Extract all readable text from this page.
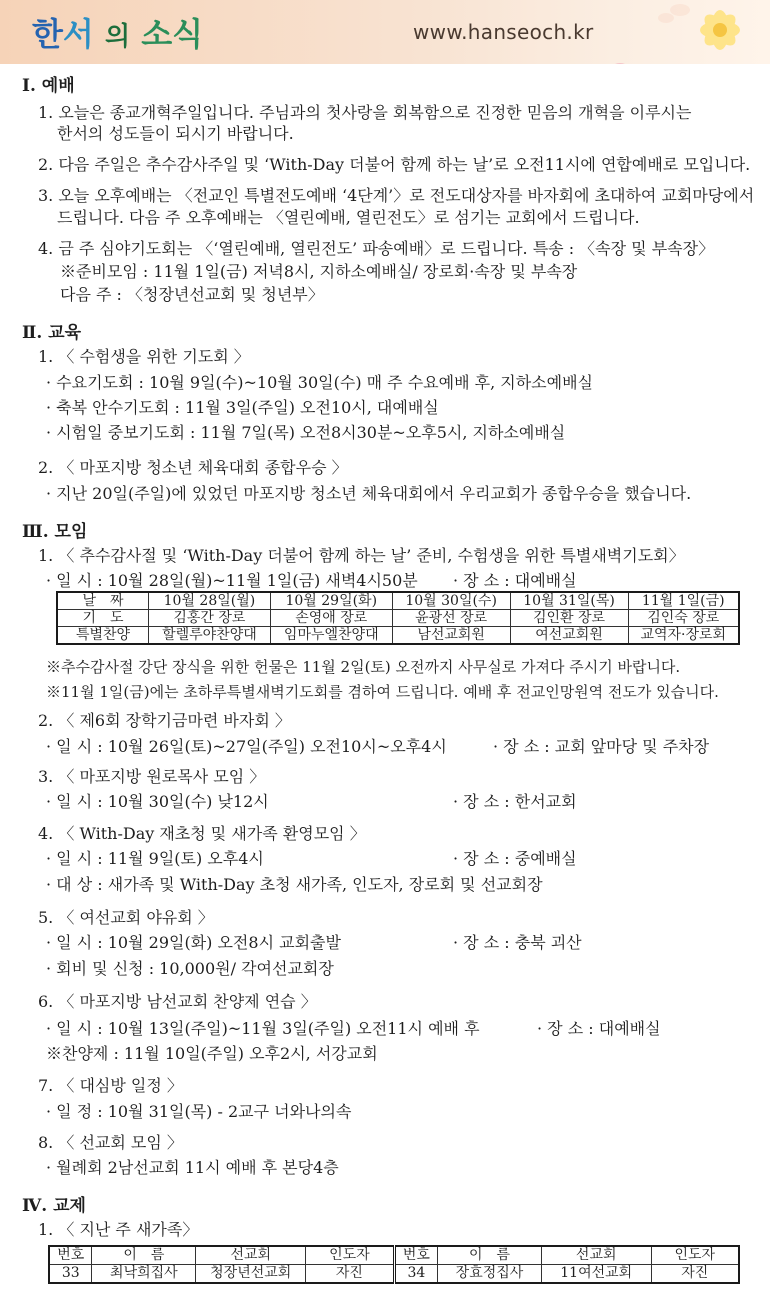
한서 의 소식	www.hanseoch.kr
Ⅰ. 예배
1. 오늘은 종교개혁주일입니다. 주님과의 첫사랑을 회복함으로 진정한 믿음의 개혁을 이루시는
한서의 성도들이 되시기 바랍니다.
2. 다음 주일은 추수감사주일 및 ‘With-Day 더불어 함께 하는 날’로 오전11시에 연합예배로 모입니다.
3. 오늘 오후예배는 〈전교인 특별전도예배 ‘4단계’〉로 전도대상자를 바자회에 초대하여 교회마당에서
드립니다. 다음 주 오후예배는 〈열린예배, 열린전도〉로 섬기는 교회에서 드립니다.
4. 금 주 심야기도회는 〈‘열린예배, 열린전도’ 파송예배〉로 드립니다. 특송 : 〈속장 및 부속장〉
※준비모임 : 11월 1일(금) 저녁8시, 지하소예배실/ 장로회·속장 및 부속장
다음 주 : 〈청장년선교회 및 청년부〉
Ⅱ. 교육
1. 〈 수험생을 위한 기도회 〉
· 수요기도회 : 10월 9일(수)~10월 30일(수) 매 주 수요예배 후, 지하소예배실
· 축복 안수기도회 : 11월 3일(주일) 오전10시, 대예배실
· 시험일 중보기도회 : 11월 7일(목) 오전8시30분~오후5시, 지하소예배실
2. 〈 마포지방 청소년 체육대회 종합우승 〉
· 지난 20일(주일)에 있었던 마포지방 청소년 체육대회에서 우리교회가 종합우승을 했습니다.
Ⅲ. 모임
1. 〈 추수감사절 및 ‘With-Day 더불어 함께 하는 날’ 준비, 수험생을 위한 특별새벽기도회〉
· 일 시 : 10월 28일(월)~11월 1일(금) 새벽4시50분 · 장 소 : 대예배실
날　짜	10월 28일(월)	10월 29일(화)	10월 30일(수)	10월 31일(목)	11월 1일(금)
기　도	김홍간 장로	손영애 장로	윤광선 장로	김인환 장로	김인숙 장로
특별찬양	할렐루야찬양대	임마누엘찬양대	남선교회원	여선교회원	교역자·장로회
※추수감사절 강단 장식을 위한 헌물은 11월 2일(토) 오전까지 사무실로 가져다 주시기 바랍니다.
※11월 1일(금)에는 초하루특별새벽기도회를 겸하여 드립니다. 예배 후 전교인망원역 전도가 있습니다.
2. 〈 제6회 장학기금마련 바자회 〉
· 일 시 : 10월 26일(토)~27일(주일) 오전10시~오후4시	· 장 소 : 교회 앞마당 및 주차장
3. 〈 마포지방 원로목사 모임 〉
· 일 시 : 10월 30일(수) 낮12시	· 장 소 : 한서교회
4. 〈 With-Day 재초청 및 새가족 환영모임 〉
· 일 시 : 11월 9일(토) 오후4시	· 장 소 : 중예배실
· 대 상 : 새가족 및 With-Day 초청 새가족, 인도자, 장로회 및 선교회장
5. 〈 여선교회 야유회 〉
· 일 시 : 10월 29일(화) 오전8시 교회출발	· 장 소 : 충북 괴산
· 회비 및 신청 : 10,000원/ 각여선교회장
6. 〈 마포지방 남선교회 찬양제 연습 〉
· 일 시 : 10월 13일(주일)~11월 3일(주일) 오전11시 예배 후	· 장 소 : 대예배실
※찬양제 : 11월 10일(주일) 오후2시, 서강교회
7. 〈 대심방 일정 〉
· 일 정 : 10월 31일(목) - 2교구 너와나의속
8. 〈 선교회 모임 〉
· 월례회 2남선교회 11시 예배 후 본당4층
Ⅳ. 교제
1. 〈 지난 주 새가족〉
번호	이　름	선교회	인도자	번호	이　름	선교회	인도자
33	최낙희집사	청장년선교회	자진	34	장효정집사	11여선교회	자진
